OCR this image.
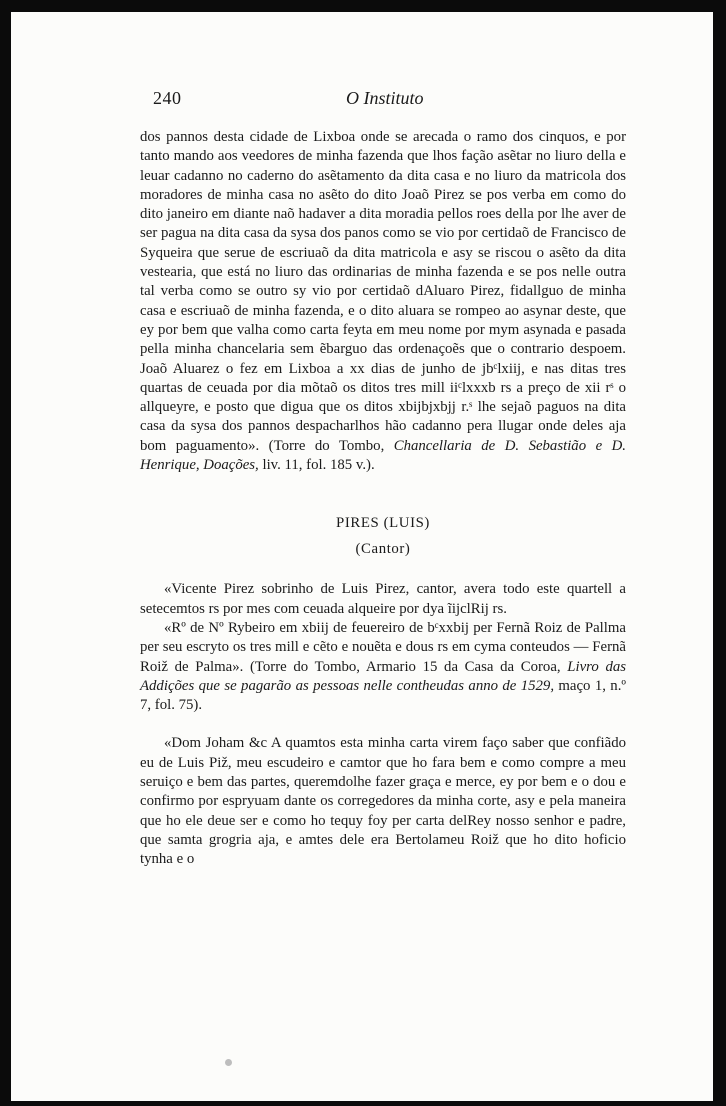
240	O Instituto

dos pannos desta cidade de Lixboa onde se arecada o ramo dos cinquos, e por tanto mando aos veedores de minha fazenda que lhos fação asẽtar no liuro della e leuar cadanno no caderno do asẽtamento da dita casa e no liuro da matricola dos moradores de minha casa no asẽto do dito Joaõ Pirez se pos verba em como do dito janeiro em diante naõ hadaver a dita moradia pellos roes della por lhe aver de ser pagua na dita casa da sysa dos panos como se vio por certidaõ de Francisco de Syqueira que serue de escriuaõ da dita matricola e asy se riscou o asẽto da dita vestearia, que está no liuro das ordinarias de minha fazenda e se pos nelle outra tal verba como se outro sy vio por certidaõ dAluaro Pirez, fidallguo de minha casa e escriuaõ de minha fazenda, e o dito aluara se rompeo ao asynar deste, que ey por bem que valha como carta feyta em meu nome por mym asynada e pasada pella minha chancelaria sem ẽbarguo das ordenaçoẽs que o contrario despoem. Joaõ Aluarez o fez em Lixboa a xx dias de junho de jbᶜlxiij, e nas ditas tres quartas de ceuada por dia mõtaõ os ditos tres mill iiᶜlxxxb rs a preço de xii rˢ o allqueyre, e posto que digua que os ditos xbijbjxbjj r.ˢ lhe sejaõ paguos na dita casa da sysa dos pannos despacharlhos hão cadanno pera llugar onde deles aja bom paguamento». (Torre do Tombo, Chancellaria de D. Sebastião e D. Henrique, Doações, liv. 11, fol. 185 v.).

PIRES (LUIS)

(Cantor)

«Vicente Pirez sobrinho de Luis Pirez, cantor, avera todo este quartell a setecemtos rs por mes com ceuada alqueire por dya ĩijclRij rs.

«Rº de Nº Rybeiro em xbiij de feuereiro de bᶜxxbij per Fernã Roiz de Pallma per seu escryto os tres mill e cẽto e nouẽta e dous rs em cyma conteudos — Fernã Roiž de Palma». (Torre do Tombo, Armario 15 da Casa da Coroa, Livro das Addições que se pagarão as pessoas nelle contheudas anno de 1529, maço 1, n.º 7, fol. 75).

«Dom Joham &c A quamtos esta minha carta virem faço saber que confiãdo eu de Luis Piž, meu escudeiro e camtor que ho fara bem e como compre a meu seruiço e bem das partes, queremdolhe fazer graça e merce, ey por bem e o dou e confirmo por espryuam dante os corregedores da minha corte, asy e pela maneira que ho ele deue ser e como ho tequy foy per carta delRey nosso senhor e padre, que samta grogria aja, e amtes dele era Bertolameu Roiž que ho dito hoficio tynha e o
